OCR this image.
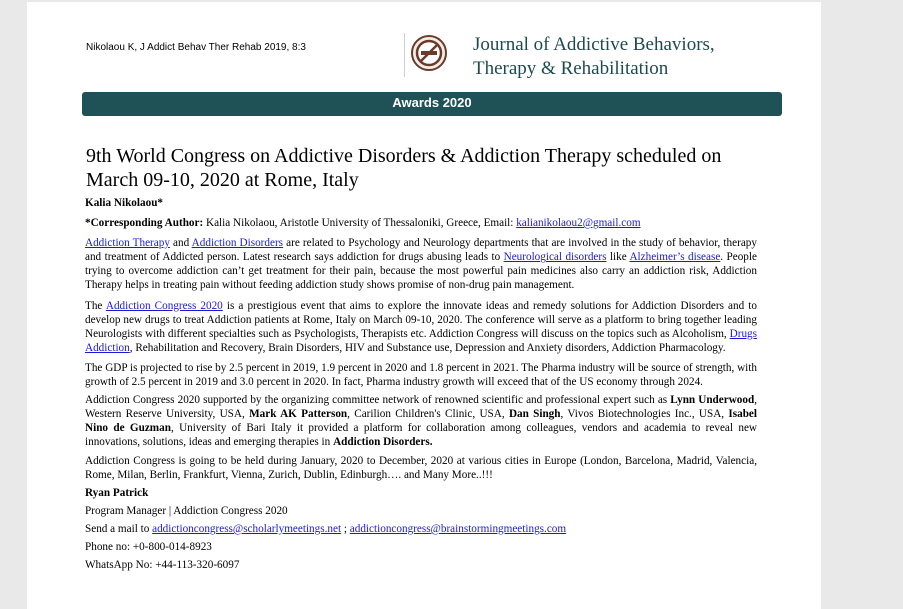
Nikolaou K, J Addict Behav Ther Rehab 2019, 8:3	Journal of Addictive Behaviors,
Therapy & Rehabilitation
Awards 2020
9th World Congress on Addictive Disorders & Addiction Therapy scheduled on March 09-10, 2020 at Rome, Italy

Kalia Nikolaou*

*Corresponding Author: Kalia Nikolaou, Aristotle University of Thessaloniki, Greece, Email: kalianikolaou2@gmail.com

Addiction Therapy and Addiction Disorders are related to Psychology and Neurology departments that are involved in the study of behavior, therapy and treatment of Addicted person. Latest research says addiction for drugs abusing leads to Neurological disorders like Alzheimer’s disease. People trying to overcome addiction can’t get treatment for their pain, because the most powerful pain medicines also carry an addiction risk, Addiction Therapy helps in treating pain without feeding addiction study shows promise of non-drug pain management.

The Addiction Congress 2020 is a prestigious event that aims to explore the innovate ideas and remedy solutions for Addiction Disorders and to develop new drugs to treat Addiction patients at Rome, Italy on March 09-10, 2020. The conference will serve as a platform to bring together leading Neurologists with different specialties such as Psychologists, Therapists etc. Addiction Congress will discuss on the topics such as Alcoholism, Drugs Addiction, Rehabilitation and Recovery, Brain Disorders, HIV and Substance use, Depression and Anxiety disorders, Addiction Pharmacology.

The GDP is projected to rise by 2.5 percent in 2019, 1.9 percent in 2020 and 1.8 percent in 2021. The Pharma industry will be source of strength, with growth of 2.5 percent in 2019 and 3.0 percent in 2020. In fact, Pharma industry growth will exceed that of the US economy through 2024.

Addiction Congress 2020 supported by the organizing committee network of renowned scientific and professional expert such as Lynn Underwood, Western Reserve University, USA, Mark AK Patterson, Carilion Children's Clinic, USA, Dan Singh, Vivos Biotechnologies Inc., USA, Isabel Nino de Guzman, University of Bari Italy it provided a platform for collaboration among colleagues, vendors and academia to reveal new innovations, solutions, ideas and emerging therapies in Addiction Disorders.

Addiction Congress is going to be held during January, 2020 to December, 2020 at various cities in Europe (London, Barcelona, Madrid, Valencia, Rome, Milan, Berlin, Frankfurt, Vienna, Zurich, Dublin, Edinburgh…. and Many More..!!!

Ryan Patrick

Program Manager | Addiction Congress 2020

Send a mail to addictioncongress@scholarlymeetings.net ; addictioncongress@brainstormingmeetings.com

Phone no: +0-800-014-8923

WhatsApp No: +44-113-320-6097
